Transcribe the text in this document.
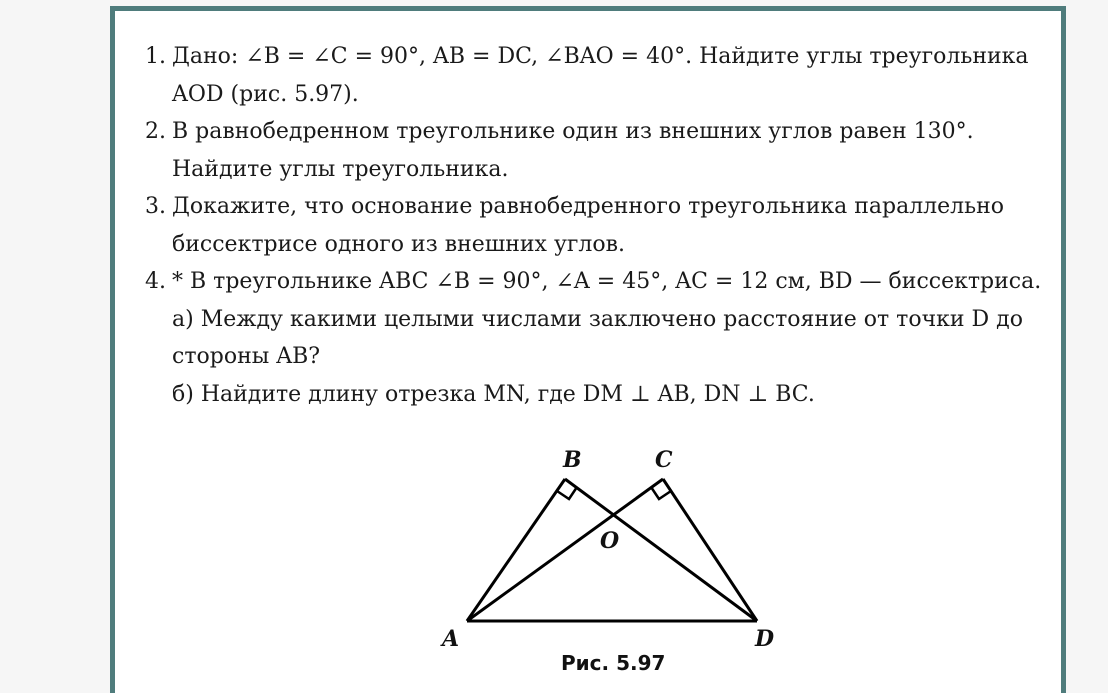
1. Дано: ∠B = ∠C = 90°, AB = DC, ∠BAO = 40°. Найдите углы треугольника
AOD (рис. 5.97).
2. В равнобедренном треугольнике один из внешних углов равен 130°.
Найдите углы треугольника.
3. Докажите, что основание равнобедренного треугольника параллельно
биссектрисе одного из внешних углов.
4. * В треугольнике ABC ∠B = 90°, ∠A = 45°, AC = 12 см, BD — биссектриса.
а) Между какими целыми числами заключено расстояние от точки D до
стороны AB?
б) Найдите длину отрезка MN, где DM ⊥ AB, DN ⊥ BC.
B	C
O
A	D
Рис. 5.97
